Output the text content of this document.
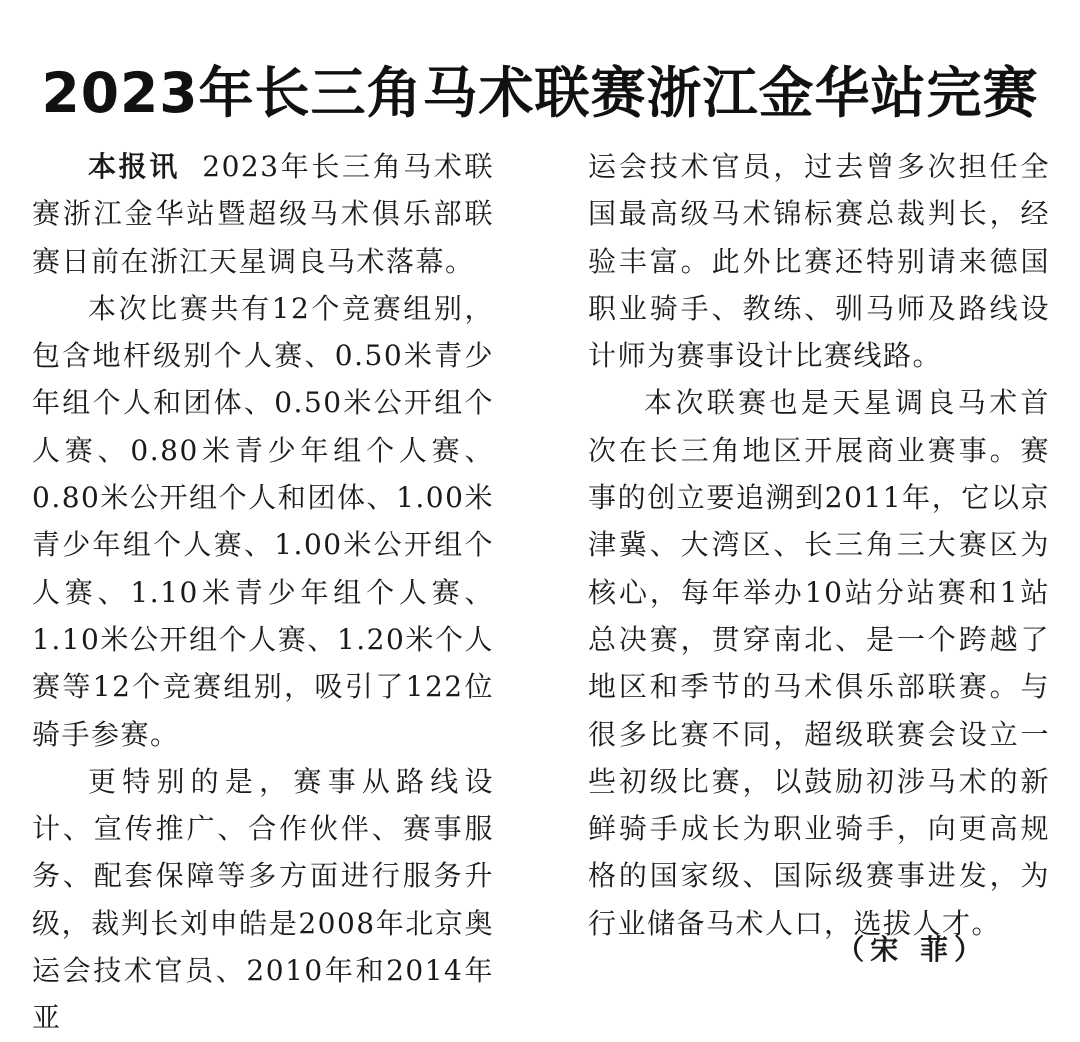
2023年长三角马术联赛浙江金华站完赛

本报讯 2023年长三角马术联赛浙江金华站暨超级马术俱乐部联赛日前在浙江天星调良马术落幕。

本次比赛共有12个竞赛组别，包含地杆级别个人赛、0.50米青少年组个人和团体、0.50米公开组个人赛、0.80米青少年组个人赛、0.80米公开组个人和团体、1.00米青少年组个人赛、1.00米公开组个人赛、1.10米青少年组个人赛、1.10米公开组个人赛、1.20米个人赛等12个竞赛组别，吸引了122位骑手参赛。

更特别的是，赛事从路线设计、宣传推广、合作伙伴、赛事服务、配套保障等多方面进行服务升级，裁判长刘申皓是2008年北京奥运会技术官员、2010年和2014年亚

运会技术官员，过去曾多次担任全国最高级马术锦标赛总裁判长，经验丰富。此外比赛还特别请来德国职业骑手、教练、驯马师及路线设计师为赛事设计比赛线路。

本次联赛也是天星调良马术首次在长三角地区开展商业赛事。赛事的创立要追溯到2011年，它以京津冀、大湾区、长三角三大赛区为核心，每年举办10站分站赛和1站总决赛，贯穿南北、是一个跨越了地区和季节的马术俱乐部联赛。与很多比赛不同，超级联赛会设立一些初级比赛，以鼓励初涉马术的新鲜骑手成长为职业骑手，向更高规格的国家级、国际级赛事进发，为行业储备马术人口，选拔人才。

（宋 菲）
